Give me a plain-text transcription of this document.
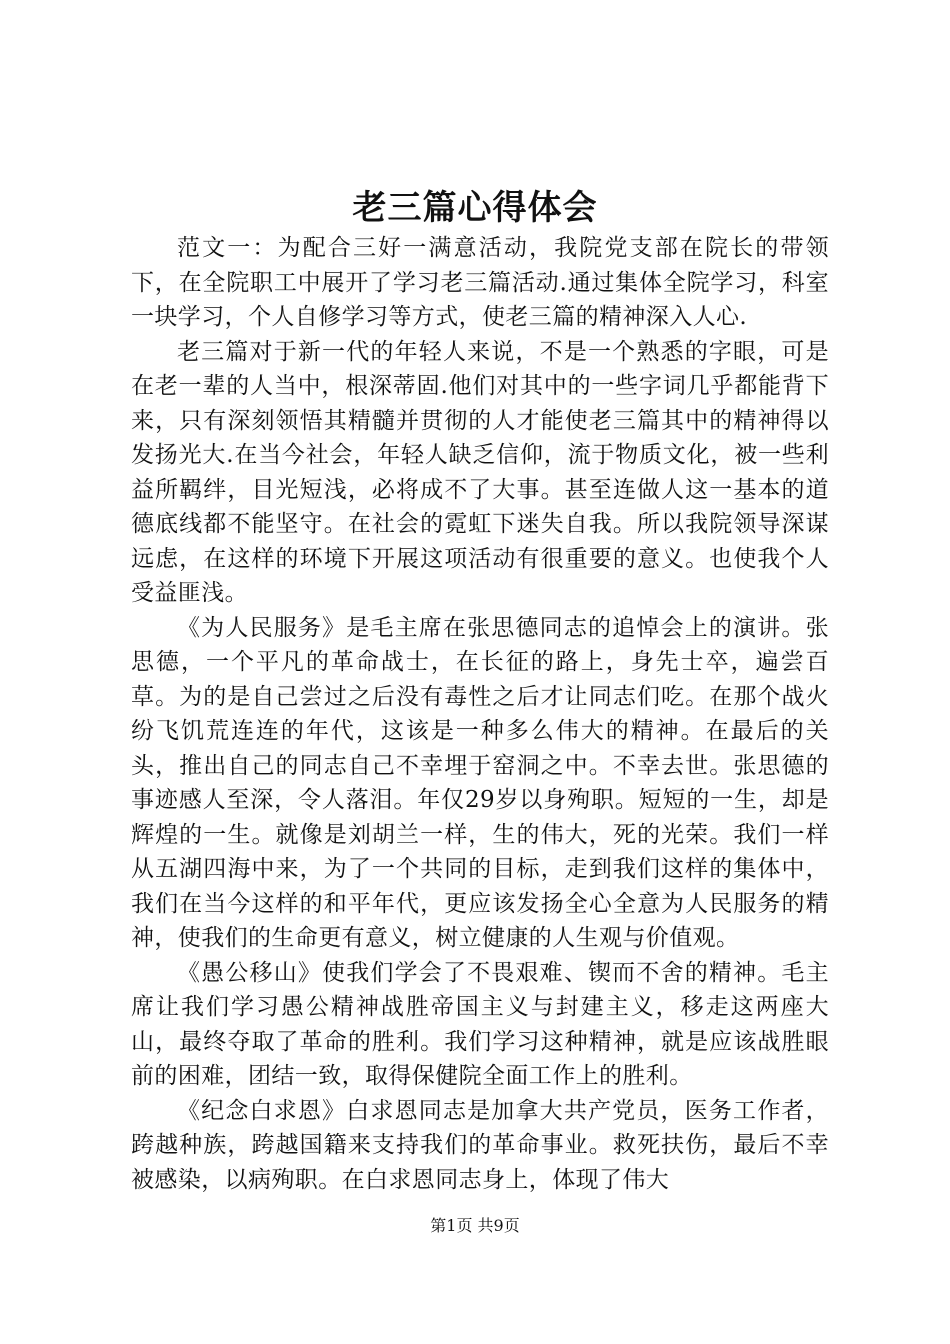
老三篇心得体会

范文一：为配合三好一满意活动，我院党支部在院长的带领下，在全院职工中展开了学习老三篇活动.通过集体全院学习，科室一块学习，个人自修学习等方式，使老三篇的精神深入人心.

老三篇对于新一代的年轻人来说，不是一个熟悉的字眼，可是在老一辈的人当中，根深蒂固.他们对其中的一些字词几乎都能背下来，只有深刻领悟其精髓并贯彻的人才能使老三篇其中的精神得以发扬光大.在当今社会，年轻人缺乏信仰，流于物质文化，被一些利益所羁绊，目光短浅，必将成不了大事。甚至连做人这一基本的道德底线都不能坚守。在社会的霓虹下迷失自我。所以我院领导深谋远虑，在这样的环境下开展这项活动有很重要的意义。也使我个人受益匪浅。

《为人民服务》是毛主席在张思德同志的追悼会上的演讲。张思德，一个平凡的革命战士，在长征的路上，身先士卒，遍尝百草。为的是自己尝过之后没有毒性之后才让同志们吃。在那个战火纷飞饥荒连连的年代，这该是一种多么伟大的精神。在最后的关头，推出自己的同志自己不幸埋于窑洞之中。不幸去世。张思德的事迹感人至深，令人落泪。年仅29岁以身殉职。短短的一生，却是辉煌的一生。就像是刘胡兰一样，生的伟大，死的光荣。我们一样从五湖四海中来，为了一个共同的目标，走到我们这样的集体中，我们在当今这样的和平年代，更应该发扬全心全意为人民服务的精神，使我们的生命更有意义，树立健康的人生观与价值观。

《愚公移山》使我们学会了不畏艰难、锲而不舍的精神。毛主席让我们学习愚公精神战胜帝国主义与封建主义，移走这两座大山，最终夺取了革命的胜利。我们学习这种精神，就是应该战胜眼前的困难，团结一致，取得保健院全面工作上的胜利。

《纪念白求恩》白求恩同志是加拿大共产党员，医务工作者，跨越种族，跨越国籍来支持我们的革命事业。救死扶伤，最后不幸被感染，以病殉职。在白求恩同志身上，体现了伟大

第1页 共9页
